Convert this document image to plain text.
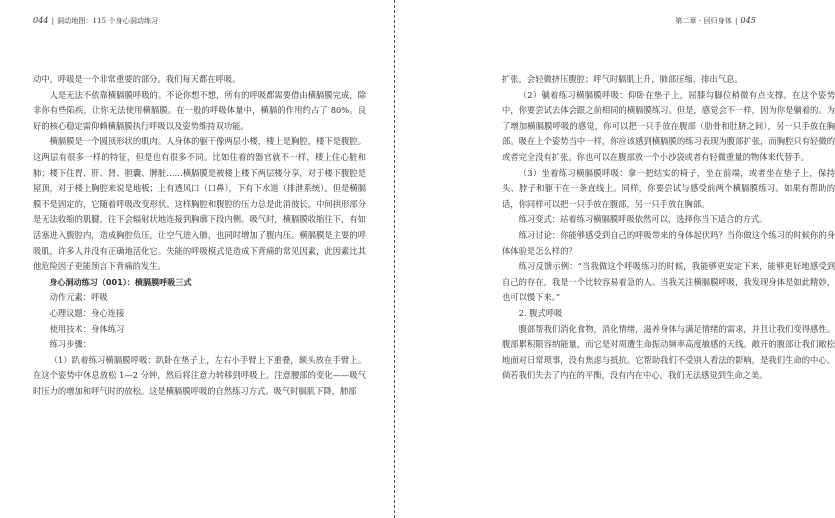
044 | 洞动地图：115 个身心洞动练习

动中，呼吸是一个非常重要的部分。我们每天都在呼吸。

人是无法不依靠横膈膜呼吸的。不论你想不想，所有的呼吸都需要借由横膈膜完成，除非你有些陷疾，让你无法使用横膈膜。在一般的呼吸体量中，横膈的作用约占了 80%。良好的核心稳定需仰赖横膈膜执行呼吸以及姿势维持双功能。

横膈膜是一个圆顶形状的肌肉。人身体的躯干像两层小楼，楼上是胸腔，楼下是腹腔。这两层有很多一样的特征，但是也有很多不同。比如住着的器官就不一样，楼上住心脏和肺；楼下住胃、肝、肾、胆囊、脾脏……横膈膜是被楼上楼下两层楼分享，对于楼下腹腔是屋顶，对于楼上胸腔来说是地板；上有透风口（口鼻），下有下水道（排泄系统）。但是横膈膜不是固定的，它随着呼吸改变形状。这样胸腔和腹腔的压力总是此消彼长。中间拱形部分是无法收缩的肌腱，往下会辐射状地连接到胸廓下段内侧。吸气时，横膈膜收缩往下，有如活塞进入腹腔内，造成胸腔负压，让空气进入肺，也同时增加了腹内压。横膈膜是主要的呼吸肌，许多人并没有正确地活化它。失能的呼吸模式是造成下背痛的常见因素，此因素比其他危险因子更能预言下背痛的发生。

身心洞动练习（001）：横膈膜呼吸三式

动作元素：呼吸

心理议题：身心连接

使用技术：身体练习

练习步骤：

（1）趴着练习横膈膜呼吸：趴卧在垫子上，左右小手臂上下重叠，额头放在手臂上。在这个姿势中休息放松 1—2 分钟，然后将注意力转移到呼吸上。注意腰部的变化——吸气时压力的增加和呼气时的放松。这是横膈膜呼吸的自然练习方式。吸气时膈肌下降，肺部

第二章 · 回归身体 | 045

扩张，会轻微挤压腹腔；呼气时膈肌上升，肺部压缩，排出气息。

（2）躺着练习横膈膜呼吸：仰卧在垫子上，屈膝勾脚位稍微有点支撑。在这个姿势中，你要尝试去体会跟之前相同的横膈膜练习。但是，感觉会不一样，因为你是躺着的。为了增加横膈膜呼吸的感觉，你可以把一只手放在腹部（肋骨和肚脐之间），另一只手放在胸部。吸在上个姿势当中一样，你应该感到横膈膜的练习表现为腹部扩张，而胸腔只有轻微的或者完全没有扩张。你也可以在腹部放一个小沙袋或者有轻微重量的物体来代替手。

（3）坐着练习横膈膜呼吸：拿一把结实的椅子，坐在前端，或者坐在垫子上，保持头、脖子和躯干在一条直线上。同样，你要尝试与感受前两个横膈膜练习。如果有帮助的话，你同样可以把一只手放在腹部，另一只手放在胸部。

练习变式：站着练习横膈膜呼吸依然可以，选择你当下适合的方式。

练习讨论：你能够感受到自己的呼吸带来的身体起伏吗？当你做这个练习的时候你的身体体验是怎么样的？

练习反馈示例：“当我做这个呼吸练习的时候，我能够更安定下来，能够更好地感受到自己的存在，我是一个比较容易着急的人。当我关注横膈膜呼吸，我发现身体是如此精妙，也可以慢下来。”

2. 腹式呼吸

腹部帮我们消化食物，消化情绪，滋养身体与满足情绪的需求，并且让我们变得感性。腹部累积限容纳能量，而它是对周遭生命振动频率高度敏感的天线。敞开的腹部让我们敞松地面对日常琐事，没有焦虑与抵抗。它帮助我们不受别人看法的影响，是我们生命的中心。倘若我们失去了内在的平衡，没有内在中心，我们无法感觉到生命之美。
